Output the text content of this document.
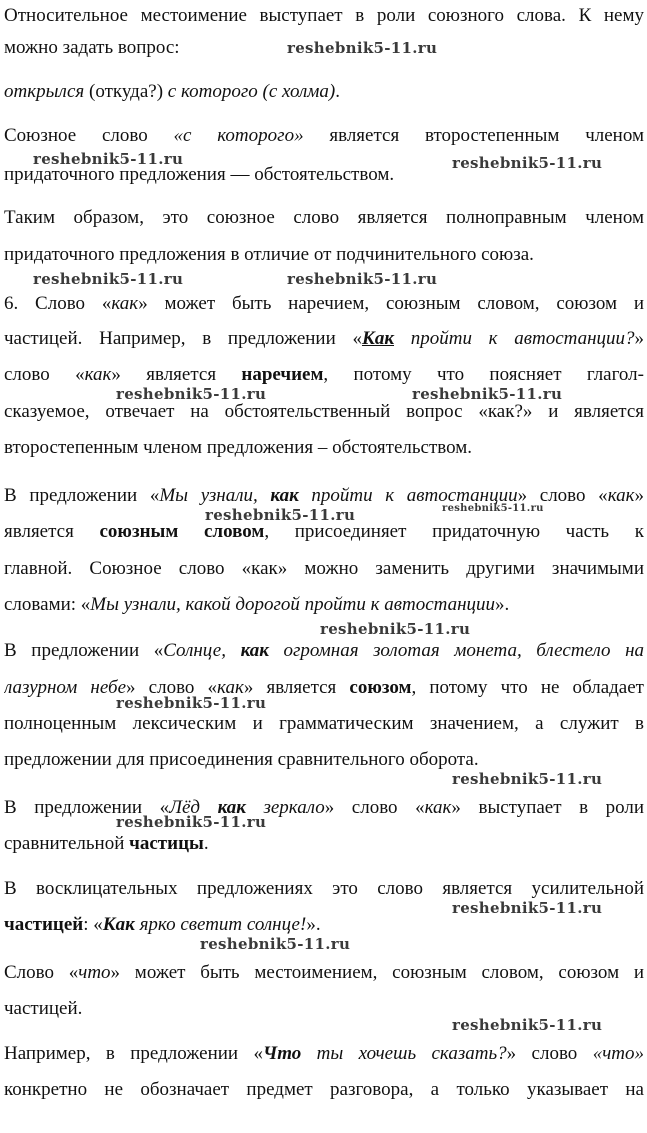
Относительное местоимение выступает в роли союзного слова. К нему
можно задать вопрос:
открылся (откуда?) с которого (с холма).
Союзное слово «с которого» является второстепенным членом
придаточного предложения — обстоятельством.
Таким образом, это союзное слово является полноправным членом
придаточного предложения в отличие от подчинительного союза.
6. Слово «как» может быть наречием, союзным словом, союзом и
частицей. Например, в предложении «Как пройти к автостанции?»
слово «как» является наречием, потому что поясняет глагол-
сказуемое, отвечает на обстоятельственный вопрос «как?» и является
второстепенным членом предложения – обстоятельством.
В предложении «Мы узнали, как пройти к автостанции» слово «как»
является союзным словом, присоединяет придаточную часть к
главной. Союзное слово «как» можно заменить другими значимыми
словами: «Мы узнали, какой дорогой пройти к автостанции».
В предложении «Солнце, как огромная золотая монета, блестело на
лазурном небе» слово «как» является союзом, потому что не обладает
полноценным лексическим и грамматическим значением, а служит в
предложении для присоединения сравнительного оборота.
В предложении «Лёд как зеркало» слово «как» выступает в роли
сравнительной частицы.
В восклицательных предложениях это слово является усилительной
частицей: «Как ярко светит солнце!».
Слово «что» может быть местоимением, союзным словом, союзом и
частицей.
Например, в предложении «Что ты хочешь сказать?» слово «что»
конкретно не обозначает предмет разговора, а только указывает на
reshebnik5-11.ru
reshebnik5-11.ru	reshebnik5-11.ru
reshebnik5-11.ru	reshebnik5-11.ru
reshebnik5-11.ru	reshebnik5-11.ru
reshebnik5-11.ru	reshebnik5-11.ru
reshebnik5-11.ru
reshebnik5-11.ru
reshebnik5-11.ru
reshebnik5-11.ru
reshebnik5-11.ru
reshebnik5-11.ru
reshebnik5-11.ru
